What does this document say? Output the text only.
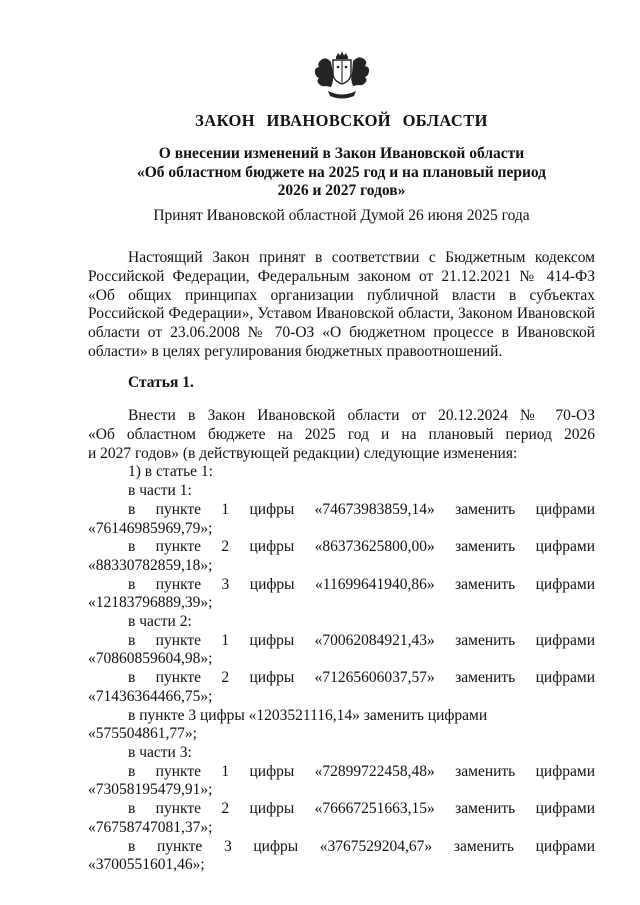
ЗАКОН ИВАНОВСКОЙ ОБЛАСТИ
О внесении изменений в Закон Ивановской области
«Об областном бюджете на 2025 год и на плановый период
2026 и 2027 годов»
Принят Ивановской областной Думой 26 июня 2025 года
Настоящий Закон принят в соответствии с Бюджетным кодексом
Российской Федерации, Федеральным законом от 21.12.2021 № 414-ФЗ
«Об общих принципах организации публичной власти в субъектах
Российской Федерации», Уставом Ивановской области, Законом Ивановской
области от 23.06.2008 № 70-ОЗ «О бюджетном процессе в Ивановской
области» в целях регулирования бюджетных правоотношений.
Статья 1.
Внести в Закон Ивановской области от 20.12.2024 № 70-ОЗ
«Об областном бюджете на 2025 год и на плановый период 2026
и 2027 годов» (в действующей редакции) следующие изменения:
1) в статье 1:
в части 1:
в пункте 1 цифры «74673983859,14» заменить цифрами
«76146985969,79»;
в пункте 2 цифры «86373625800,00» заменить цифрами
«88330782859,18»;
в пункте 3 цифры «11699641940,86» заменить цифрами
«12183796889,39»;
в части 2:
в пункте 1 цифры «70062084921,43» заменить цифрами
«70860859604,98»;
в пункте 2 цифры «71265606037,57» заменить цифрами
«71436364466,75»;
в пункте 3 цифры «1203521116,14» заменить цифрами «575504861,77»;
в части 3:
в пункте 1 цифры «72899722458,48» заменить цифрами
«73058195479,91»;
в пункте 2 цифры «76667251663,15» заменить цифрами
«76758747081,37»;
в пункте 3 цифры «3767529204,67» заменить цифрами
«3700551601,46»;
